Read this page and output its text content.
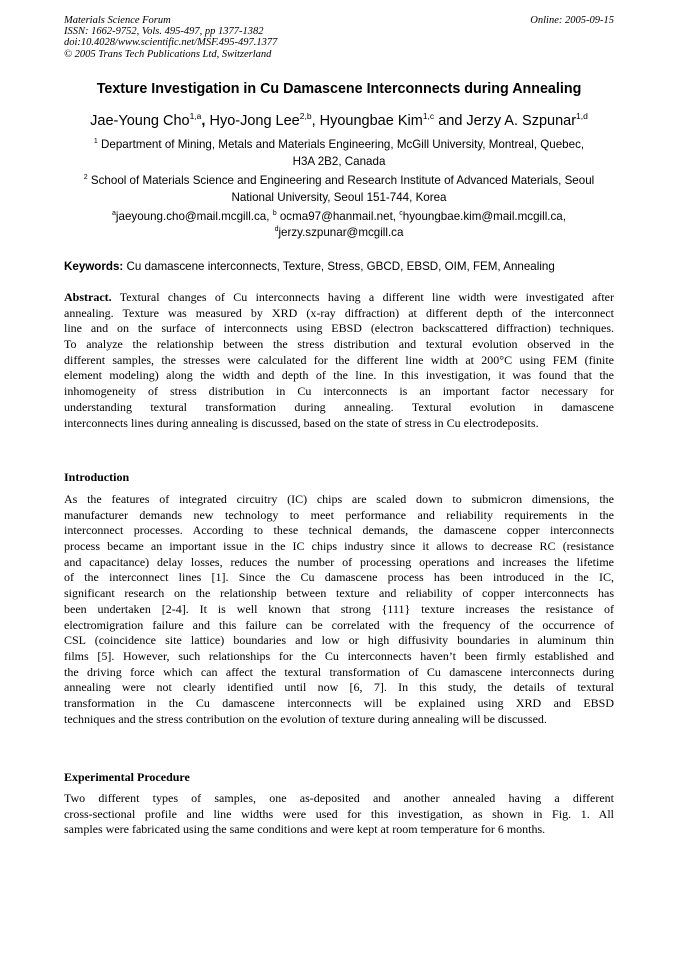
Materials Science Forum
ISSN: 1662-9752, Vols. 495-497, pp 1377-1382
doi:10.4028/www.scientific.net/MSF.495-497.1377
© 2005 Trans Tech Publications Ltd, Switzerland
Online: 2005-09-15
Texture Investigation in Cu Damascene Interconnects during Annealing
Jae-Young Cho$^{1,a}$, Hyo-Jong Lee$^{2,b}$, Hyoungbae Kim$^{1,c}$ and Jerzy A. Szpunar$^{1,d}$
$^1$ Department of Mining, Metals and Materials Engineering, McGill University, Montreal, Quebec,
H3A 2B2, Canada
$^2$ School of Materials Science and Engineering and Research Institute of Advanced Materials, Seoul
National University, Seoul 151-744, Korea
$^a$jaeyoung.cho@mail.mcgill.ca, $^b$ ocma97@hanmail.net, $^c$hyoungbae.kim@mail.mcgill.ca,
$^d$jerzy.szpunar@mcgill.ca
Keywords: Cu damascene interconnects, Texture, Stress, GBCD, EBSD, OIM, FEM, Annealing
Abstract. Textural changes of Cu interconnects having a different line width were investigated after
annealing. Texture was measured by XRD (x-ray diffraction) at different depth of the interconnect
line and on the surface of interconnects using EBSD (electron backscattered diffraction) techniques.
To analyze the relationship between the stress distribution and textural evolution observed in the
different samples, the stresses were calculated for the different line width at 200°C using FEM (finite
element modeling) along the width and depth of the line. In this investigation, it was found that the
inhomogeneity of stress distribution in Cu interconnects is an important factor necessary for
understanding textural transformation during annealing. Textural evolution in damascene
interconnects lines during annealing is discussed, based on the state of stress in Cu electrodeposits.
Introduction
As the features of integrated circuitry (IC) chips are scaled down to submicron dimensions, the
manufacturer demands new technology to meet performance and reliability requirements in the
interconnect processes. According to these technical demands, the damascene copper interconnects
process became an important issue in the IC chips industry since it allows to decrease RC (resistance
and capacitance) delay losses, reduces the number of processing operations and increases the lifetime
of the interconnect lines [1]. Since the Cu damascene process has been introduced in the IC,
significant research on the relationship between texture and reliability of copper interconnects has
been undertaken [2-4]. It is well known that strong {111} texture increases the resistance of
electromigration failure and this failure can be correlated with the frequency of the occurrence of
CSL (coincidence site lattice) boundaries and low or high diffusivity boundaries in aluminum thin
films [5]. However, such relationships for the Cu interconnects haven’t been firmly established and
the driving force which can affect the textural transformation of Cu damascene interconnects during
annealing were not clearly identified until now [6, 7]. In this study, the details of textural
transformation in the Cu damascene interconnects will be explained using XRD and EBSD
techniques and the stress contribution on the evolution of texture during annealing will be discussed.
Experimental Procedure
Two different types of samples, one as-deposited and another annealed having a different
cross-sectional profile and line widths were used for this investigation, as shown in Fig. 1. All
samples were fabricated using the same conditions and were kept at room temperature for 6 months.
